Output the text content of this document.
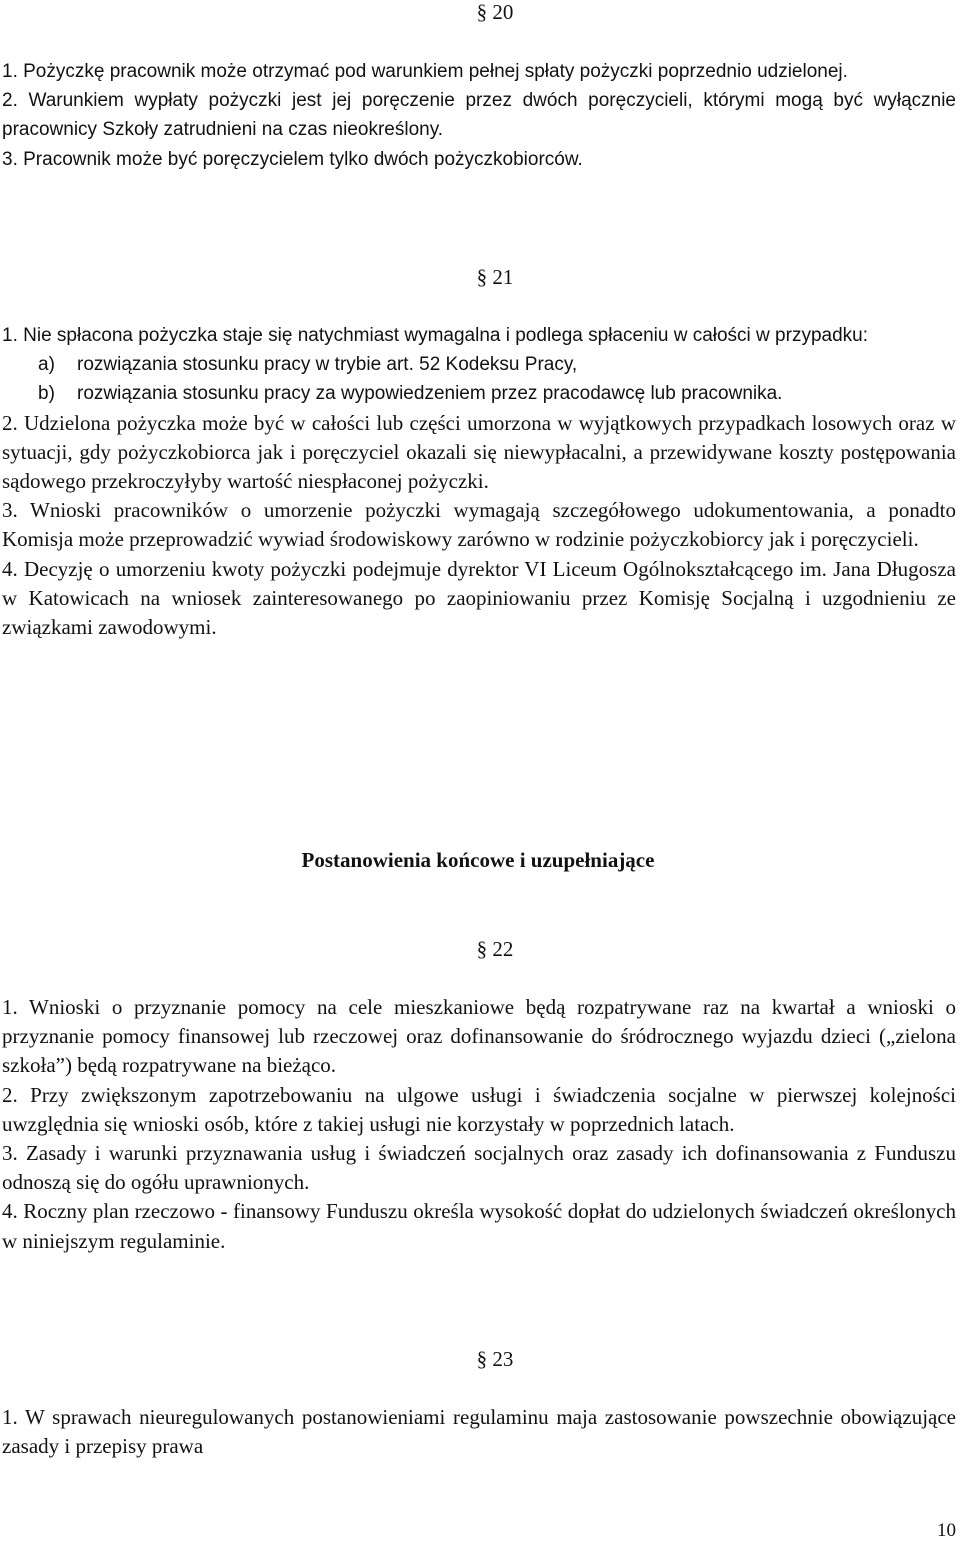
§ 20

1. Pożyczkę pracownik może otrzymać pod warunkiem pełnej spłaty pożyczki poprzednio udzielonej.

2. Warunkiem wypłaty pożyczki jest jej poręczenie przez dwóch poręczycieli, którymi mogą być wyłącznie pracownicy Szkoły zatrudnieni na czas nieokreślony.

3. Pracownik może być poręczycielem tylko dwóch pożyczkobiorców.

§ 21

1. Nie spłacona pożyczka staje się natychmiast wymagalna i podlega spłaceniu w całości w przypadku:

a) rozwiązania stosunku pracy w trybie art. 52 Kodeksu Pracy,

b) rozwiązania stosunku pracy za wypowiedzeniem przez pracodawcę lub pracownika.

2. Udzielona pożyczka może być w całości lub części umorzona w wyjątkowych przypadkach losowych oraz w sytuacji, gdy pożyczkobiorca jak i poręczyciel okazali się niewypłacalni, a przewidywane koszty postępowania sądowego przekroczyłyby wartość niespłaconej pożyczki.

3. Wnioski pracowników o umorzenie pożyczki wymagają szczegółowego udokumentowania, a ponadto Komisja może przeprowadzić wywiad środowiskowy zarówno w rodzinie pożyczkobiorcy jak i poręczycieli.

4. Decyzję o umorzeniu kwoty pożyczki podejmuje dyrektor VI Liceum Ogólnokształcącego im. Jana Długosza w Katowicach na wniosek zainteresowanego po zaopiniowaniu przez Komisję Socjalną i uzgodnieniu ze związkami zawodowymi.

Postanowienia końcowe i uzupełniające

§ 22

1. Wnioski o przyznanie pomocy na cele mieszkaniowe będą rozpatrywane raz na kwartał a wnioski o przyznanie pomocy finansowej lub rzeczowej oraz dofinansowanie do śródrocznego wyjazdu dzieci („zielona szkoła”) będą rozpatrywane na bieżąco.

2. Przy zwiększonym zapotrzebowaniu na ulgowe usługi i świadczenia socjalne w pierwszej kolejności uwzględnia się wnioski osób, które z takiej usługi nie korzystały w poprzednich latach.

3. Zasady i warunki przyznawania usług i świadczeń socjalnych oraz zasady ich dofinansowania z Funduszu odnoszą się do ogółu uprawnionych.

4. Roczny plan rzeczowo - finansowy Funduszu określa wysokość dopłat do udzielonych świadczeń określonych w niniejszym regulaminie.

§ 23

1. W sprawach nieuregulowanych postanowieniami regulaminu maja zastosowanie powszechnie obowiązujące zasady i przepisy prawa

10
